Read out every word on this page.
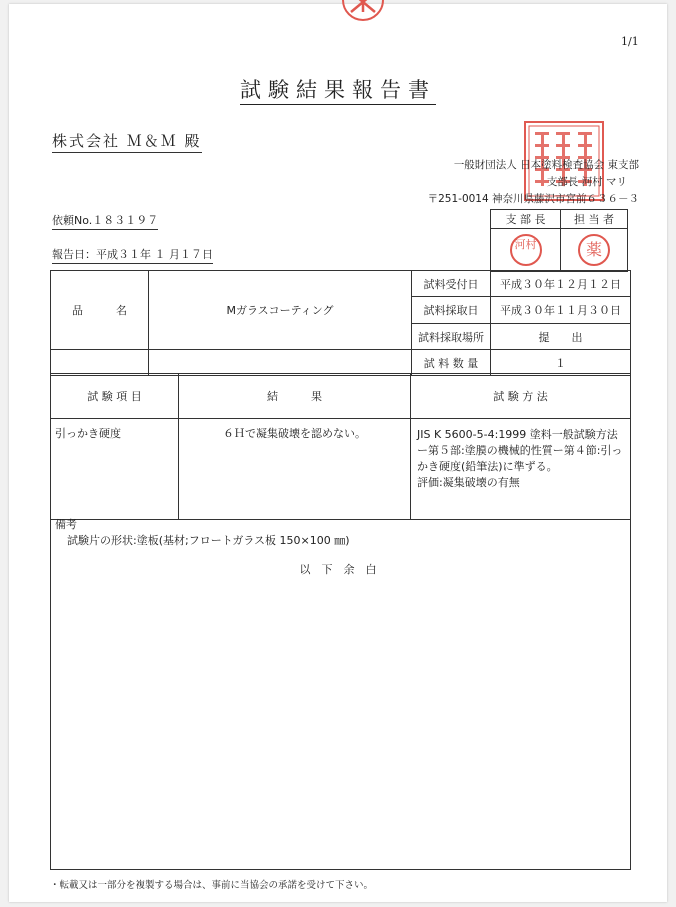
1/1
試験結果報告書
株式会社 Ｍ＆Ｍ 殿
一般財団法人 日本塗料検査協会 東支部
支部長 河村 マリ
〒251-0014 神奈川県藤沢市宮前６３６－３
依頼No.１８３１９７
報告日：平成３１年 １ 月１７日
支 部 長	担 当 者
河村	薬
品　　　名	Mガラスコーティング	試料受付日	平成３０年１２月１２日
		試料採取日	平成３０年１１月３０日
		試料採取場所	提　　出
		試 料 数 量	１
試 験 項 目	結　　　果	試 験 方 法
引っかき硬度	６Ｈで凝集破壊を認めない。	JIS K 5600-5-4:1999 塗料一般試験方法ー第５部:塗膜の機械的性質ー第４節:引っかき硬度(鉛筆法)に準ずる。
評価:凝集破壊の有無
備考
試験片の形状:塗板(基材;フロートガラス板 150×100 ㎜)
以　下　余　白
・転載又は一部分を複製する場合は、事前に当協会の承諾を受けて下さい。
